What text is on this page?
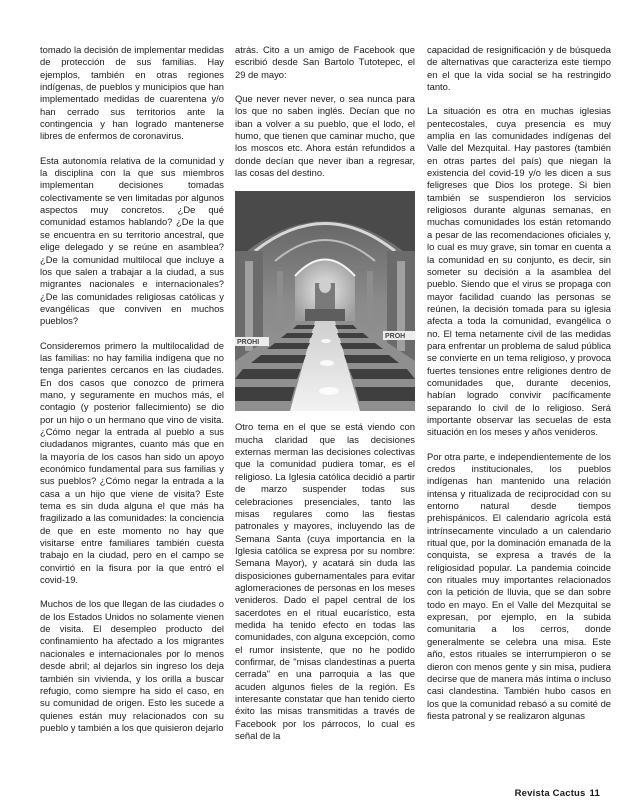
tomado la decisión de implementar medidas de protección de sus familias. Hay ejemplos, también en otras regiones indígenas, de pueblos y municipios que han implementado medidas de cuarentena y/o han cerrado sus territorios ante la contingencia y han logrado mantenerse libres de enfermos de coronavirus.

Esta autonomía relativa de la comunidad y la disciplina con la que sus miembros implementan decisiones tomadas colectivamente se ven limitadas por algunos aspectos muy concretos. ¿De qué comunidad estamos hablando? ¿De la que se encuentra en su territorio ancestral, que elige delegado y se reúne en asamblea? ¿De la comunidad multilocal que incluye a los que salen a trabajar a la ciudad, a sus migrantes nacionales e internacionales? ¿De las comunidades religiosas católicas y evangélicas que conviven en muchos pueblos?

Consideremos primero la multilocalidad de las familias: no hay familia indígena que no tenga parientes cercanos en las ciudades. En dos casos que conozco de primera mano, y seguramente en muchos más, el contagio (y posterior fallecimiento) se dio por un hijo o un hermano que vino de visita. ¿Cómo negar la entrada al pueblo a sus ciudadanos migrantes, cuanto más que en la mayoría de los casos han sido un apoyo económico fundamental para sus familias y sus pueblos? ¿Cómo negar la entrada a la casa a un hijo que viene de visita? Este tema es sin duda alguna el que más ha fragilizado a las comunidades: la conciencia de que en este momento no hay que visitarse entre familiares también cuesta trabajo en la ciudad, pero en el campo se convirtió en la fisura por la que entró el covid-19.

Muchos de los que llegan de las ciudades o de los Estados Unidos no solamente vienen de visita. El desempleo producto del confinamiento ha afectado a los migrantes nacionales e internacionales por lo menos desde abril; al dejarlos sin ingreso los deja también sin vivienda, y los orilla a buscar refugio, como siempre ha sido el caso, en su comunidad de origen. Esto les sucede a quienes están muy relacionados con su pueblo y también a los que quisieron dejarlo

atrás. Cito a un amigo de Facebook que escribió desde San Bartolo Tutotepec, el 29 de mayo:

Que never never never, o sea nunca para los que no saben inglés. Decían que no iban a volver a su pueblo, que el lodo, el humo, que tienen que caminar mucho, que los moscos etc. Ahora están refundidos a donde decían que never iban a regresar, las cosas del destino.

PROHI
PROH

Otro tema en el que se está viendo con mucha claridad que las decisiones externas merman las decisiones colectivas que la comunidad pudiera tomar, es el religioso. La Iglesia católica decidió a partir de marzo suspender todas sus celebraciones presenciales, tanto las misas regulares como las fiestas patronales y mayores, incluyendo las de Semana Santa (cuya importancia en la Iglesia católica se expresa por su nombre: Semana Mayor), y acatará sin duda las disposiciones gubernamentales para evitar aglomeraciones de personas en los meses venideros. Dado el papel central de los sacerdotes en el ritual eucarístico, esta medida ha tenido efecto en todas las comunidades, con alguna excepción, como el rumor insistente, que no he podido confirmar, de "misas clandestinas a puerta cerrada" en una parroquia a las que acuden algunos fieles de la región. Es interesante constatar que han tenido cierto éxito las misas transmitidas a través de Facebook por los párrocos, lo cual es señal de la

capacidad de resignificación y de búsqueda de alternativas que caracteriza este tiempo en el que la vida social se ha restringido tanto.

La situación es otra en muchas iglesias pentecostales, cuya presencia es muy amplia en las comunidades indígenas del Valle del Mezquital. Hay pastores (también en otras partes del país) que niegan la existencia del covid-19 y/o les dicen a sus feligreses que Dios los protege. Si bien también se suspendieron los servicios religiosos durante algunas semanas, en muchas comunidades los están retomando a pesar de las recomendaciones oficiales y, lo cual es muy grave, sin tomar en cuenta a la comunidad en su conjunto, es decir, sin someter su decisión a la asamblea del pueblo. Siendo que el virus se propaga con mayor facilidad cuando las personas se reúnen, la decisión tomada para su iglesia afecta a toda la comunidad, evangélica o no. El tema netamente civil de las medidas para enfrentar un problema de salud pública se convierte en un tema religioso, y provoca fuertes tensiones entre religiones dentro de comunidades que, durante decenios, habían logrado convivir pacíficamente separando lo civil de lo religioso. Será importante observar las secuelas de esta situación en los meses y años venideros.

Por otra parte, e independientemente de los credos institucionales, los pueblos indígenas han mantenido una relación intensa y ritualizada de reciprocidad con su entorno natural desde tiempos prehispánicos. El calendario agrícola está intrínsecamente vinculado a un calendario ritual que, por la dominación emanada de la conquista, se expresa a través de la religiosidad popular. La pandemia coincide con rituales muy importantes relacionados con la petición de lluvia, que se dan sobre todo en mayo. En el Valle del Mezquital se expresan, por ejemplo, en la subida comunitaria a los cerros, donde generalmente se celebra una misa. Este año, estos rituales se interrumpieron o se dieron con menos gente y sin misa, pudiera decirse que de manera más íntima o incluso casi clandestina. También hubo casos en los que la comunidad rebasó a su comité de fiesta patronal y se realizaron algunas

Revista Cactus 11
